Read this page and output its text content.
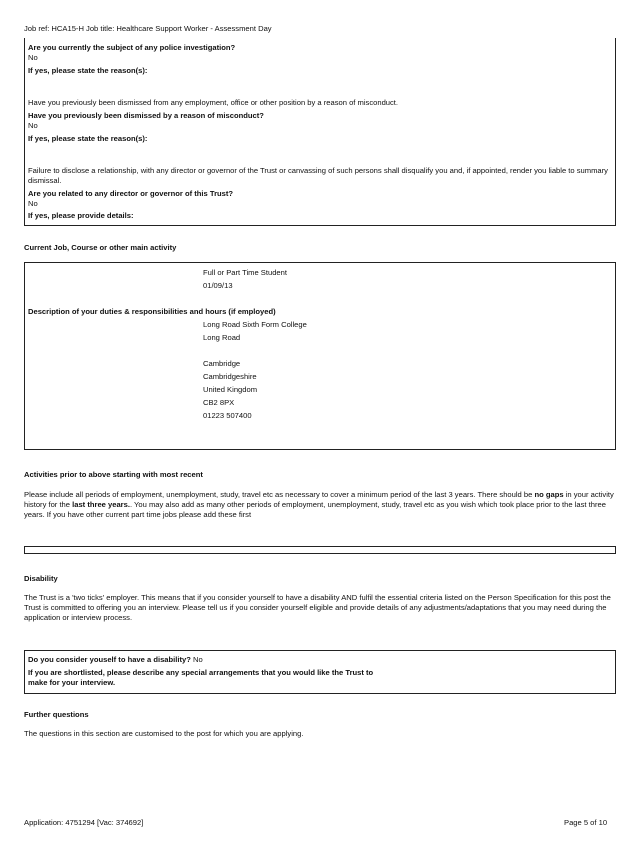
Job ref: HCA15-H Job title: Healthcare Support Worker - Assessment Day
Are you currently the subject of any police investigation?
No
If yes, please state the reason(s):
Have you previously been dismissed from any employment, office or other position by a reason of misconduct.
Have you previously been dismissed by a reason of misconduct?
No
If yes, please state the reason(s):
Failure to disclose a relationship, with any director or governor of the Trust or canvassing of such persons shall disqualify you and, if appointed, render you liable to summary dismissal.
Are you related to any director or governor of this Trust?
No
If yes, please provide details:
Current Job, Course or other main activity
Full or Part Time Student
01/09/13
Description of your duties & responsibilities and hours (if employed)
Long Road Sixth Form College
Long Road
Cambridge
Cambridgeshire
United Kingdom
CB2 8PX
01223 507400
Activities prior to above starting with most recent
Please include all periods of employment, unemployment, study, travel etc as necessary to cover a minimum period of the last 3 years. There should be no gaps in your activity history for the last three years.. You may also add as many other periods of employment, unemployment, study, travel etc as you wish which took place prior to the last three years. If you have other current part time jobs please add these first
Disability
The Trust is a 'two ticks' employer. This means that if you consider yourself to have a disability AND fulfil the essential criteria listed on the Person Specification for this post the Trust is committed to offering you an interview. Please tell us if you consider yourself eligible and provide details of any adjustments/adaptations that you may need during the application or interview process.
Do you consider youself to have a disability? No
If you are shortlisted, please describe any special arrangements that you would like the Trust to
make for your interview.
Further questions
The questions in this section are customised to the post for which you are applying.
Application: 4751294 [Vac: 374692]	Page 5 of 10
